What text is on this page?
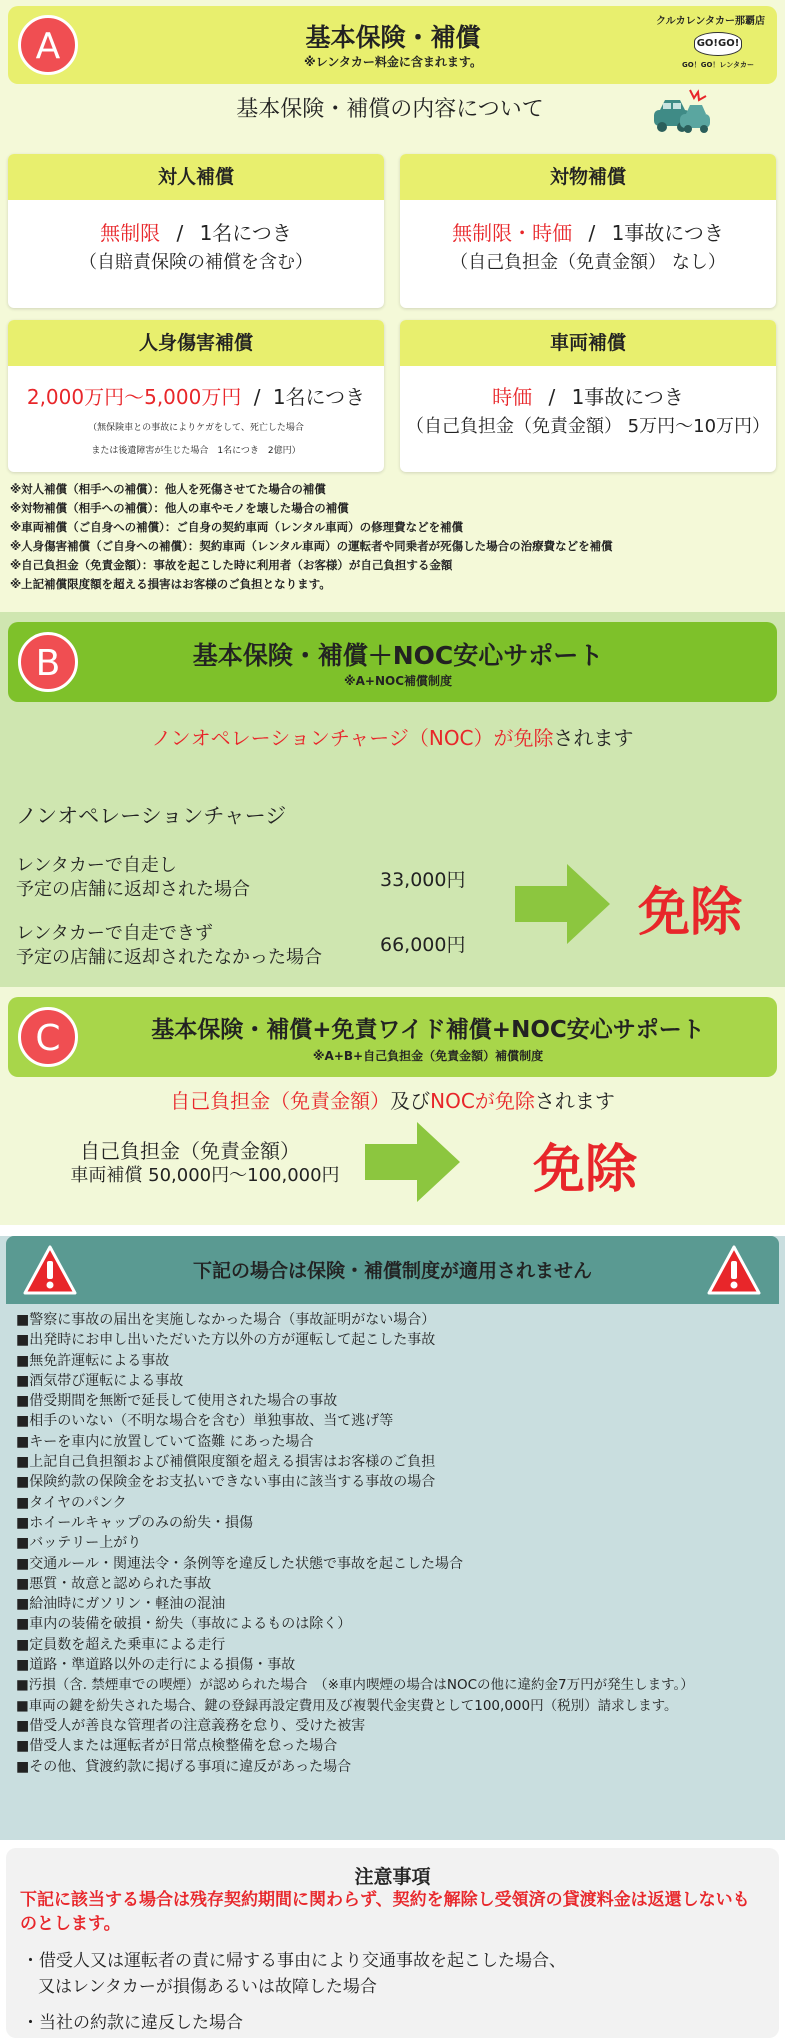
A	基本保険・補償
※レンタカー料金に含まれます。
クルカレンタカー那覇店
GO!GO!
GO！GO！レンタカー
基本保険・補償の内容について
対人補償
無制限 / 1名につき
（自賠責保険の補償を含む）
対物補償
無制限・時価 / 1事故につき
（自己負担金（免責金額） なし）
人身傷害補償
2,000万円～5,000万円 / 1名につき
（無保険車との事故によりケガをして、死亡した場合
または後遺障害が生じた場合　1名につき　2億円）
車両補償
時価 / 1事故につき
（自己負担金（免責金額） 5万円～10万円）
※対人補償（相手への補償）：他人を死傷させてた場合の補償
※対物補償（相手への補償）：他人の車やモノを壊した場合の補償
※車両補償（ご自身への補償）：ご自身の契約車両（レンタル車両）の修理費などを補償
※人身傷害補償（ご自身への補償）：契約車両（レンタル車両）の運転者や同乗者が死傷した場合の治療費などを補償
※自己負担金（免責金額）：事故を起こした時に利用者（お客様）が自己負担する金額
※上記補償限度額を超える損害はお客様のご負担となります。
B	基本保険・補償＋NOC安心サポート
※A+NOC補償制度
ノンオペレーションチャージ（NOC）が免除されます
ノンオペレーションチャージ
レンタカーで自走し
予定の店舗に返却された場合	33,000円
レンタカーで自走できず
予定の店舗に返却されたなかった場合
66,000円
免除
C	基本保険・補償+免責ワイド補償+NOC安心サポート
※A+B+自己負担金（免責金額）補償制度
自己負担金（免責金額）及びNOCが免除されます
自己負担金（免責金額）
車両補償 50,000円～100,000円	免除
下記の場合は保険・補償制度が適用されません
■警察に事故の届出を実施しなかった場合（事故証明がない場合）
■出発時にお申し出いただいた方以外の方が運転して起こした事故
■無免許運転による事故
■酒気帯び運転による事故
■借受期間を無断で延長して使用された場合の事故
■相手のいない（不明な場合を含む）単独事故、当て逃げ等
■キーを車内に放置していて盗難 にあった場合
■上記自己負担額および補償限度額を超える損害はお客様のご負担
■保険約款の保険金をお支払いできない事由に該当する事故の場合
■タイヤのパンク
■ホイールキャップのみの紛失・損傷
■バッテリー上がり
■交通ルール・関連法令・条例等を違反した状態で事故を起こした場合
■悪質・故意と認められた事故
■給油時にガソリン・軽油の混油
■車内の装備を破損・紛失（事故によるものは除く）
■定員数を超えた乗車による走行
■道路・準道路以外の走行による損傷・事故
■汚損（含. 禁煙車での喫煙）が認められた場合　（※車内喫煙の場合はNOCの他に違約金7万円が発生します。）
■車両の鍵を紛失された場合、鍵の登録再設定費用及び複製代金実費として100,000円（税別）請求します。
■借受人が善良な管理者の注意義務を怠り、受けた被害
■借受人または運転者が日常点検整備を怠った場合
■その他、貸渡約款に掲げる事項に違反があった場合
注意事項
下記に該当する場合は残存契約期間に関わらず、契約を解除し受領済の貸渡料金は返還しないものとします。
・借受人又は運転者の責に帰する事由により交通事故を起こした場合、
又はレンタカーが損傷あるいは故障した場合
・当社の約款に違反した場合
